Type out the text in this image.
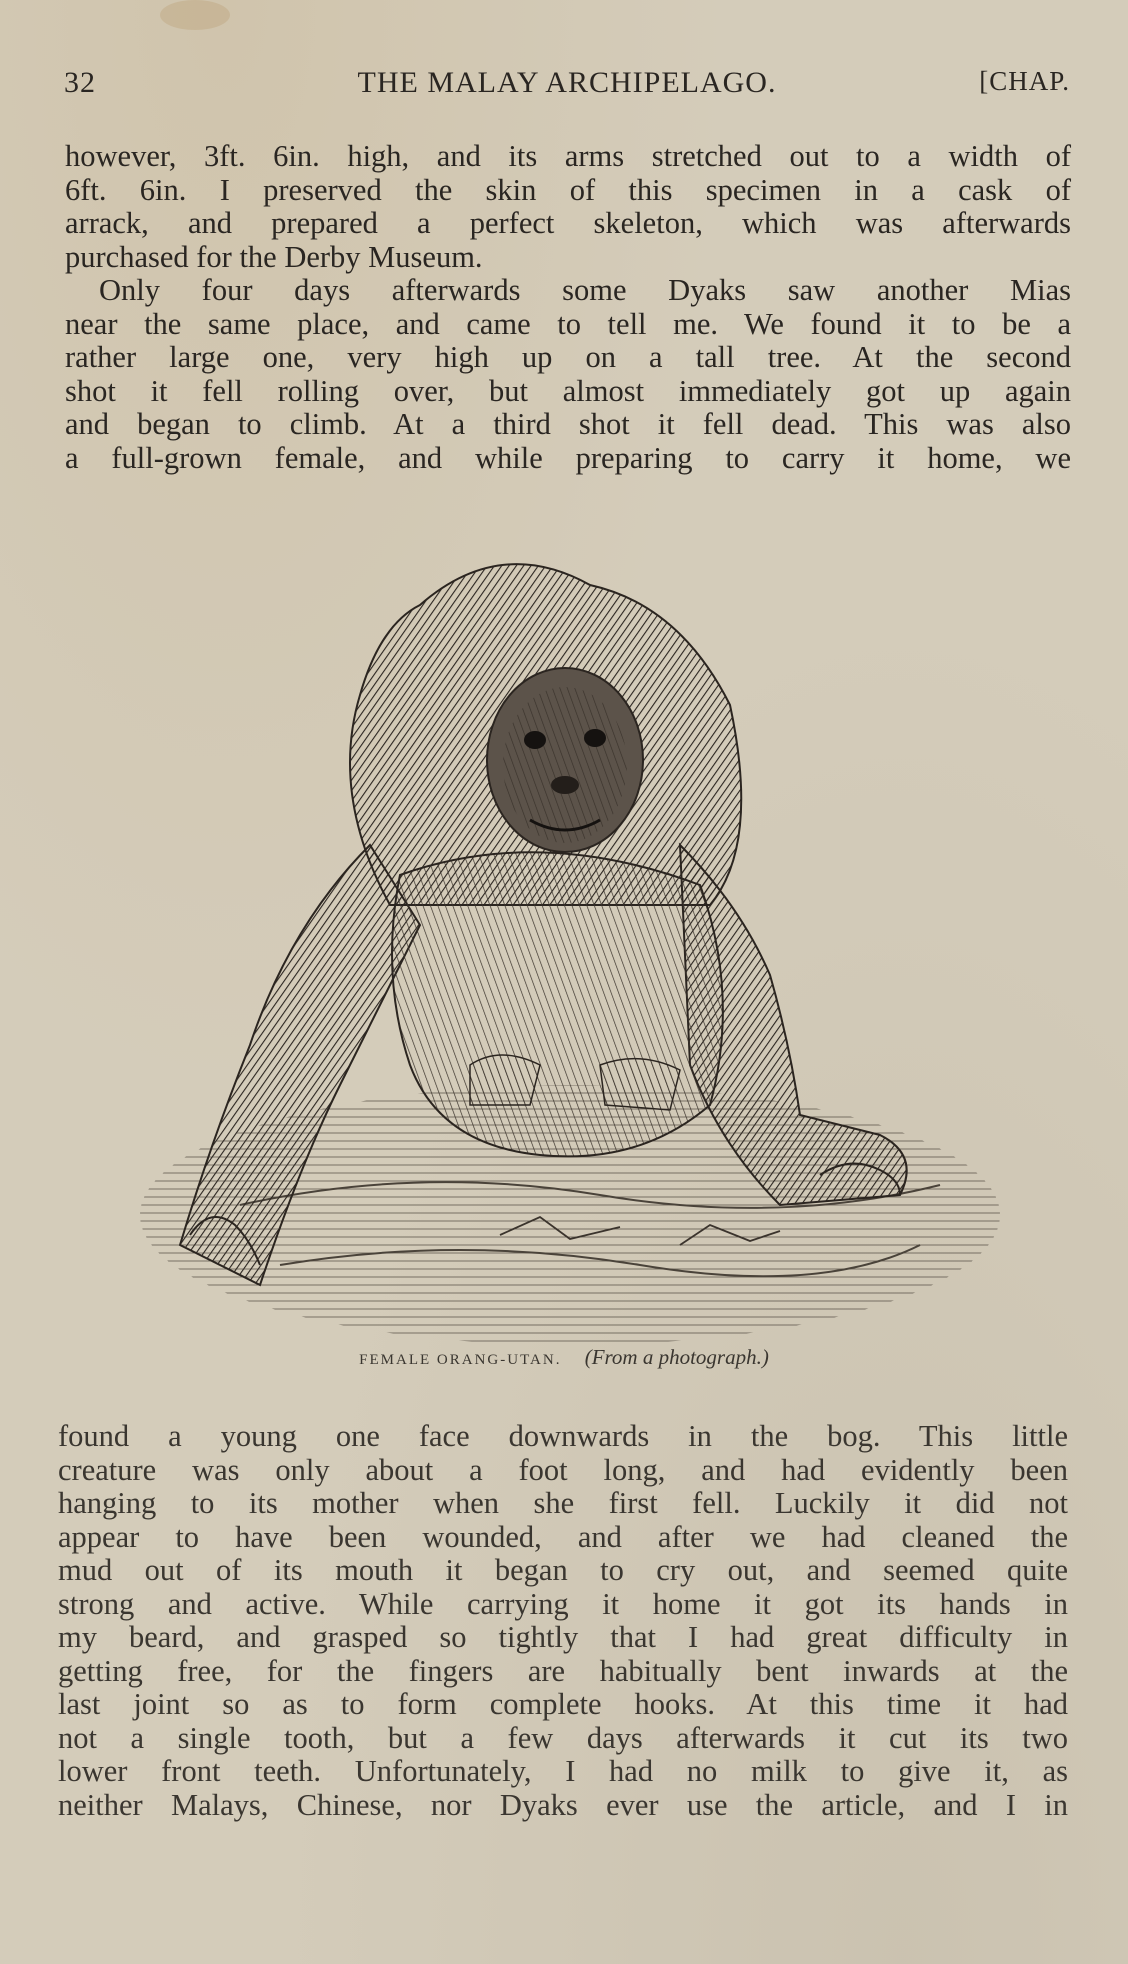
32	THE MALAY ARCHIPELAGO.	[CHAP.
however, 3ft. 6in. high, and its arms stretched out to a width of
6ft. 6in. I preserved the skin of this specimen in a cask of
arrack, and prepared a perfect skeleton, which was afterwards
purchased for the Derby Museum.
Only four days afterwards some Dyaks saw another Mias
near the same place, and came to tell me. We found it to be a
rather large one, very high up on a tall tree. At the second
shot it fell rolling over, but almost immediately got up again
and began to climb. At a third shot it fell dead. This was also
a full-grown female, and while preparing to carry it home, we
FEMALE ORANG-UTAN. (From a photograph.)
found a young one face downwards in the bog. This little
creature was only about a foot long, and had evidently been
hanging to its mother when she first fell. Luckily it did not
appear to have been wounded, and after we had cleaned the
mud out of its mouth it began to cry out, and seemed quite
strong and active. While carrying it home it got its hands in
my beard, and grasped so tightly that I had great difficulty in
getting free, for the fingers are habitually bent inwards at the
last joint so as to form complete hooks. At this time it had
not a single tooth, but a few days afterwards it cut its two
lower front teeth. Unfortunately, I had no milk to give it, as
neither Malays, Chinese, nor Dyaks ever use the article, and I in
